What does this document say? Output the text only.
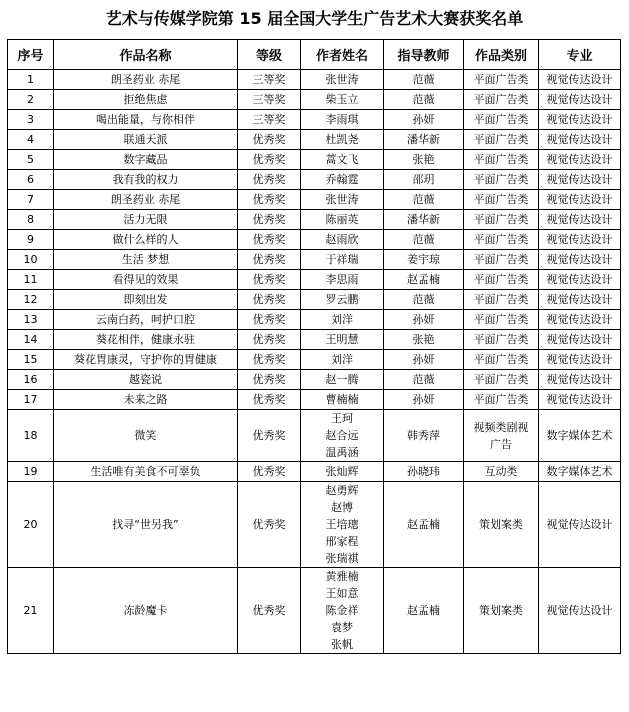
艺术与传媒学院第 15 届全国大学生广告艺术大赛获奖名单
序号	作品名称	等级	作者姓名	指导教师	作品类别	专业
1	朗圣药业 赤尾	三等奖	张世涛	范薇	平面广告类	视觉传达设计
2	拒绝焦虑	三等奖	柴玉立	范薇	平面广告类	视觉传达设计
3	喝出能量，与你相伴	三等奖	李雨琪	孙妍	平面广告类	视觉传达设计
4	联通天派	优秀奖	杜凯尧	潘华新	平面广告类	视觉传达设计
5	数字藏品	优秀奖	蒿文飞	张艳	平面广告类	视觉传达设计
6	我有我的权力	优秀奖	乔翰霆	邵玥	平面广告类	视觉传达设计
7	朗圣药业 赤尾	优秀奖	张世涛	范薇	平面广告类	视觉传达设计
8	活力无限	优秀奖	陈丽英	潘华新	平面广告类	视觉传达设计
9	做什么样的人	优秀奖	赵雨欣	范薇	平面广告类	视觉传达设计
10	生活 梦想	优秀奖	于祥瑞	姜宇琼	平面广告类	视觉传达设计
11	看得见的效果	优秀奖	李思雨	赵孟楠	平面广告类	视觉传达设计
12	即刻出发	优秀奖	罗云鹏	范薇	平面广告类	视觉传达设计
13	云南白药，呵护口腔	优秀奖	刘洋	孙妍	平面广告类	视觉传达设计
14	葵花相伴，健康永驻	优秀奖	王明慧	张艳	平面广告类	视觉传达设计
15	葵花胃康灵，守护你的胃健康	优秀奖	刘洋	孙妍	平面广告类	视觉传达设计
16	越瓷说	优秀奖	赵一腾	范薇	平面广告类	视觉传达设计
17	未来之路	优秀奖	曹楠楠	孙妍	平面广告类	视觉传达设计
18	微笑	优秀奖	王珂
赵合远
温禹涵	韩秀萍	视频类剧视广告	数字媒体艺术
19	生活唯有美食不可辜负	优秀奖	张灿辉	孙晓玮	互动类	数字媒体艺术
20	找寻“世另我”	优秀奖	赵勇辉
赵博
王培璁
邢家程
张瑞祺	赵孟楠	策划案类	视觉传达设计
21	冻龄魔卡	优秀奖	黄雅楠
王如意
陈金祥
袁梦
张帆	赵孟楠	策划案类	视觉传达设计
